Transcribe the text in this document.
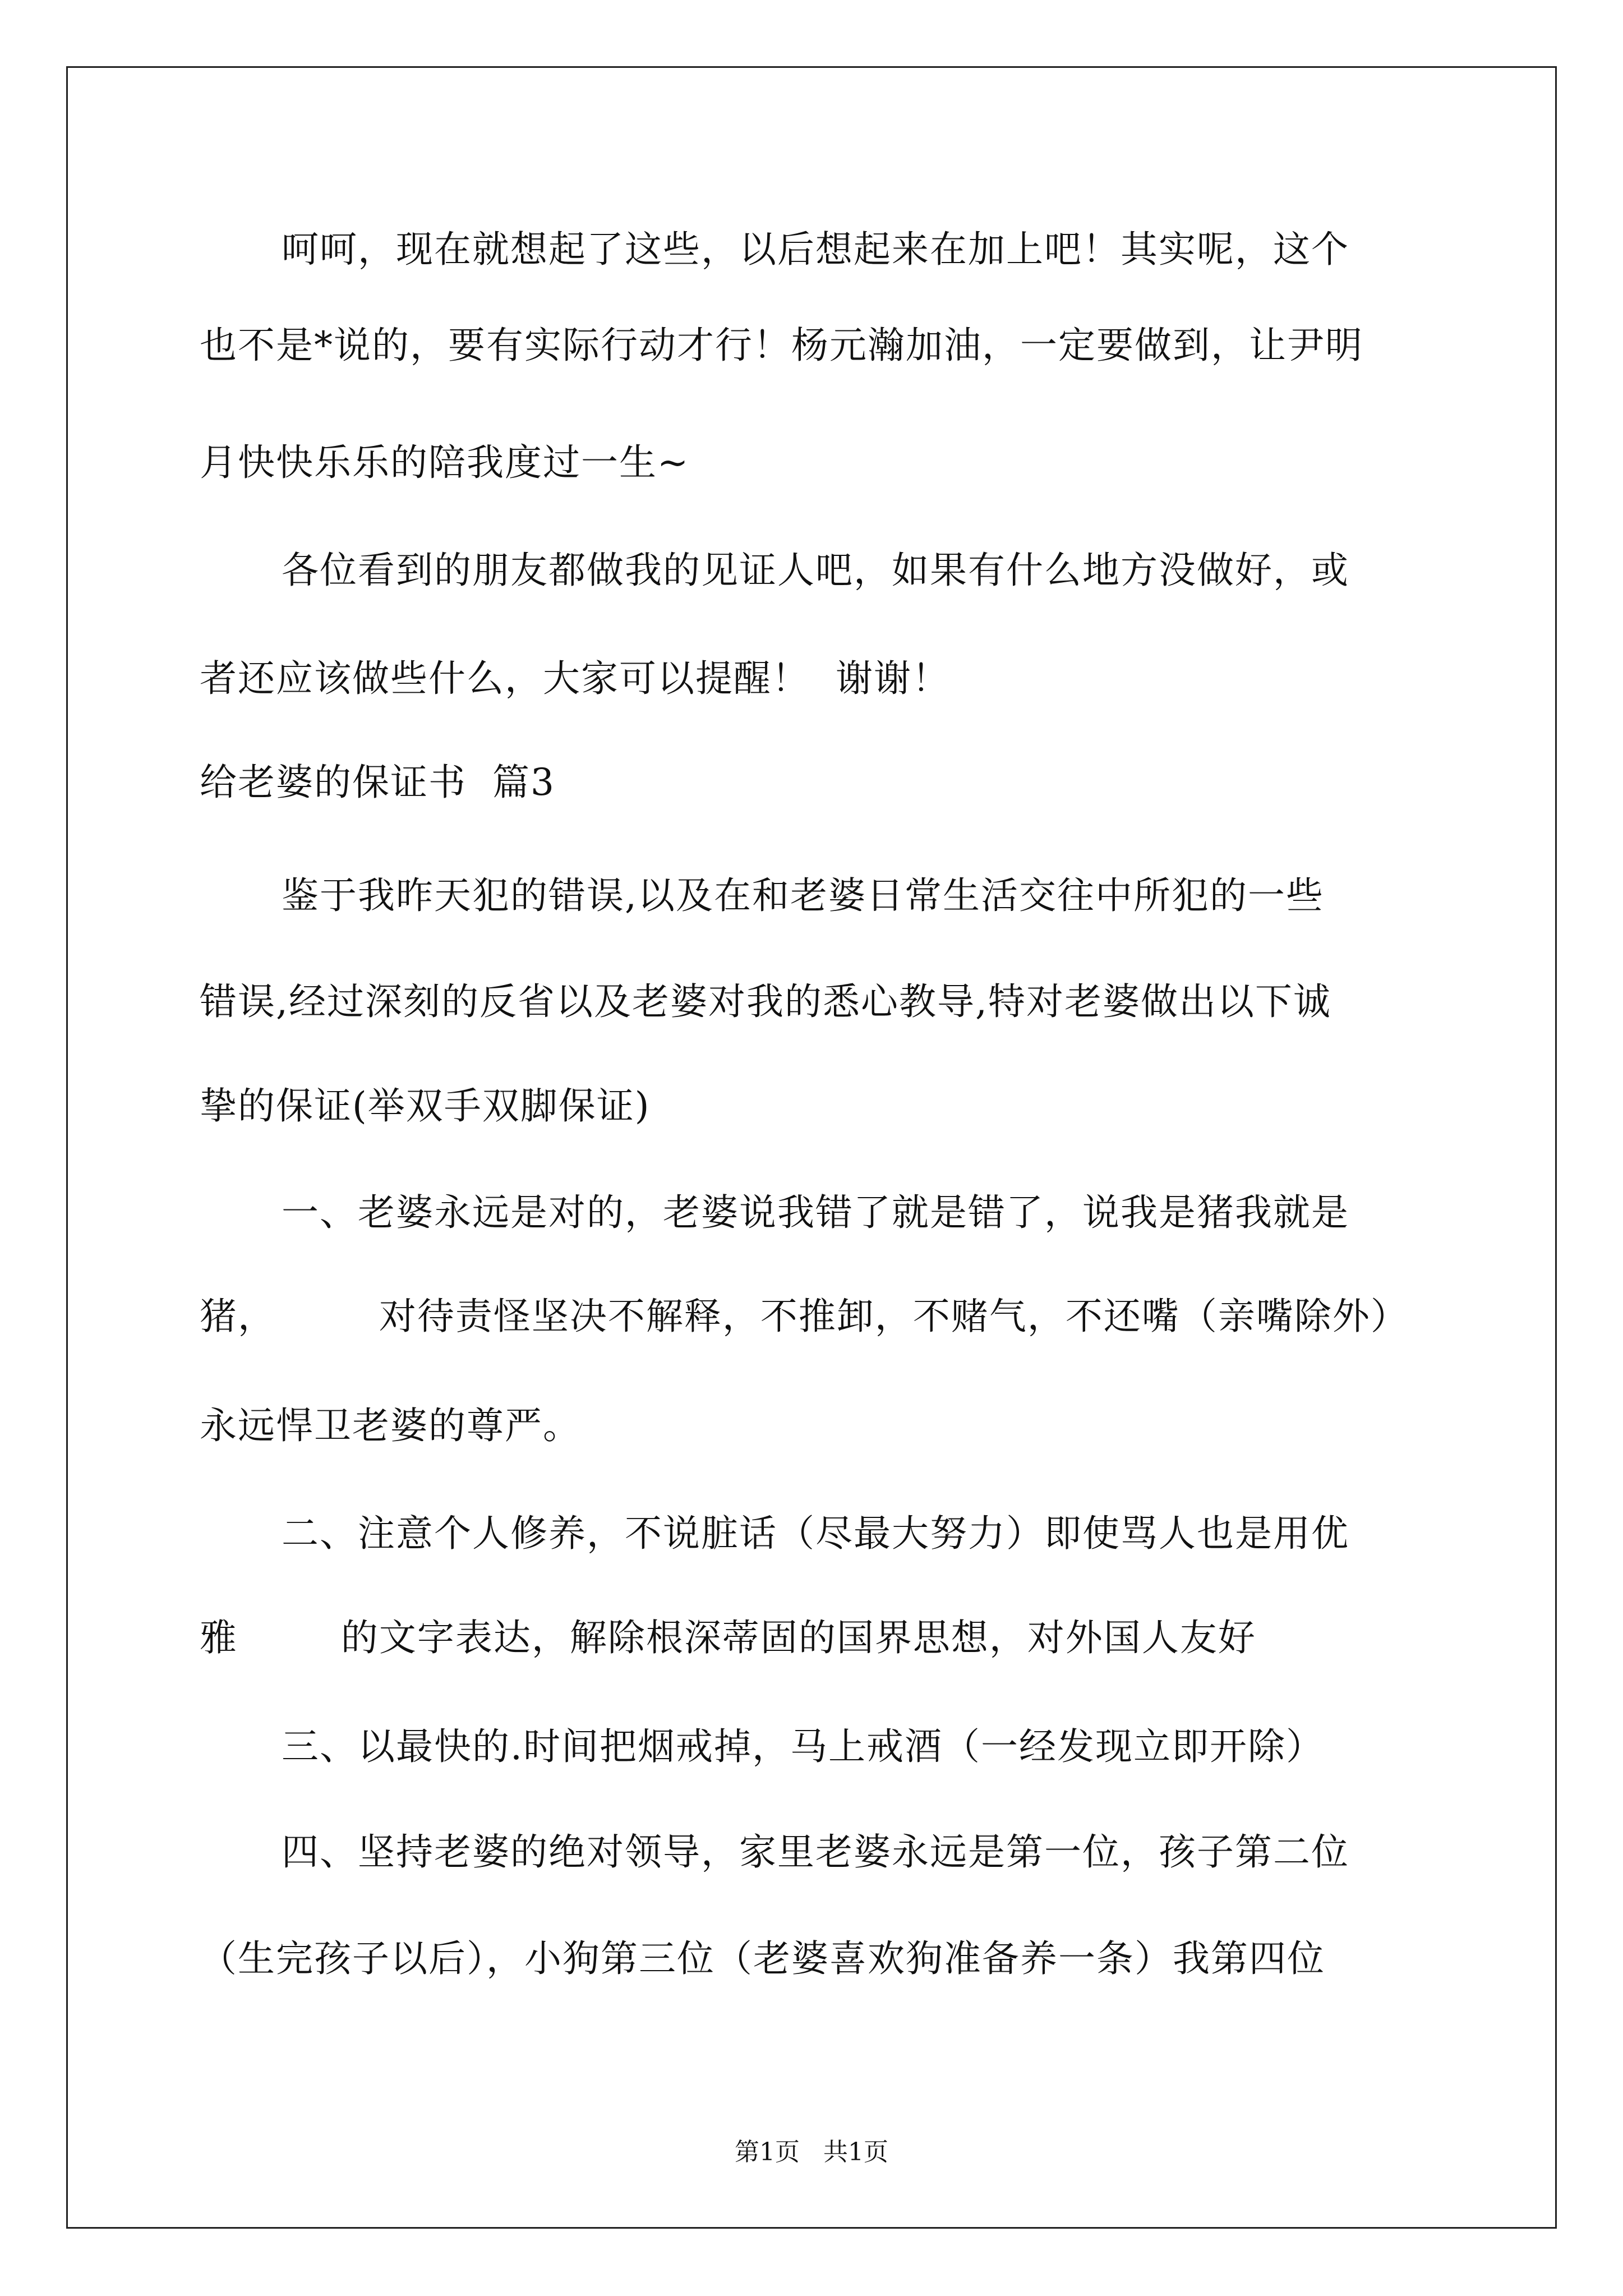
呵呵，现在就想起了这些，以后想起来在加上吧！其实呢，这个
也不是*说的，要有实际行动才行！杨元瀚加油，一定要做到，让尹明
月快快乐乐的陪我度过一生~
各位看到的朋友都做我的见证人吧，如果有什么地方没做好，或
者还应该做些什么，大家可以提醒！  谢谢！
给老婆的保证书  篇3
鉴于我昨天犯的错误,以及在和老婆日常生活交往中所犯的一些
错误,经过深刻的反省以及老婆对我的悉心教导,特对老婆做出以下诚
挚的保证(举双手双脚保证)
一、老婆永远是对的，老婆说我错了就是错了，说我是猪我就是
猪，        对待责怪坚决不解释，不推卸，不赌气，不还嘴（亲嘴除外）
永远悍卫老婆的尊严。
二、注意个人修养，不说脏话（尽最大努力）即使骂人也是用优
雅        的文字表达，解除根深蒂固的国界思想，对外国人友好
三、以最快的.时间把烟戒掉，马上戒酒（一经发现立即开除）
四、坚持老婆的绝对领导，家里老婆永远是第一位，孩子第二位
（生完孩子以后），小狗第三位（老婆喜欢狗准备养一条）我第四位
第1页   共1页
